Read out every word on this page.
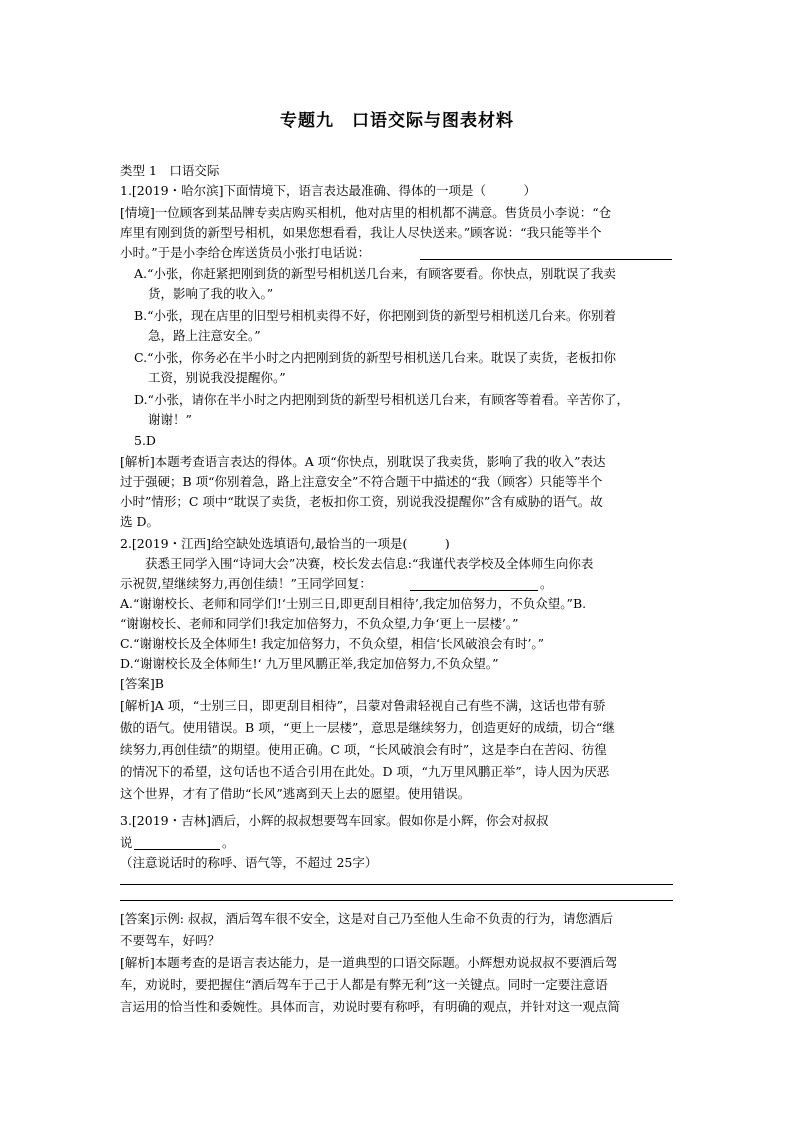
专题九　口语交际与图表材料
类型 1　口语交际
1.[2019・哈尔滨]下面情境下，语言表达最准确、得体的一项是（　　　）
[情境]一位顾客到某品牌专卖店购买相机，他对店里的相机都不满意。售货员小李说：“仓
库里有刚到货的新型号相机，如果您想看看，我让人尽快送来。”顾客说：“我只能等半个
小时。”于是小李给仓库送货员小张打电话说：
A.“小张，你赶紧把刚到货的新型号相机送几台来，有顾客要看。你快点，别耽误了我卖
货，影响了我的收入。”
B.“小张，现在店里的旧型号相机卖得不好，你把刚到货的新型号相机送几台来。你别着
急，路上注意安全。”
C.“小张，你务必在半小时之内把刚到货的新型号相机送几台来。耽误了卖货，老板扣你
工资，别说我没提醒你。”
D.“小张，请你在半小时之内把刚到货的新型号相机送几台来，有顾客等着看。辛苦你了，
谢谢！”
5.D
[解析]本题考查语言表达的得体。A 项“你快点，别耽误了我卖货，影响了我的收入”表达
过于强硬；B 项“你别着急，路上注意安全”不符合题干中描述的“我（顾客）只能等半个
小时”情形；C 项中“耽误了卖货，老板扣你工资，别说我没提醒你”含有威胁的语气。故
选 D。
2.[2019・江西]给空缺处选填语句,最恰当的一项是(　　　)
　　获悉王同学入围“诗词大会”决赛，校长发去信息:“我谨代表学校及全体师生向你表
示祝贺,望继续努力,再创佳绩！”王同学回复：	。
A.“谢谢校长、老师和同学们!‘士别三日,即更刮目相待’,我定加倍努力，不负众望。”B.
“谢谢校长、老师和同学们!我定加倍努力，不负众望,力争‘更上一层楼’。”
C.“谢谢校长及全体师生! 我定加倍努力，不负众望，相信‘长风破浪会有时’。”
D.“谢谢校长及全体师生!‘ 九万里风鹏正举,我定加倍努力,不负众望。”
[答案]B
[解析]A 项，“士别三日，即更刮目相待”，吕蒙对鲁肃轻视自己有些不满，这话也带有骄
傲的语气。使用错误。B 项，“更上一层楼”，意思是继续努力，创造更好的成绩，切合“继
续努力,再创佳绩”的期望。使用正确。C 项，“长风破浪会有时”，这是李白在苦闷、彷徨
的情况下的希望，这句话也不适合引用在此处。D 项，“九万里风鹏正举”，诗人因为厌恶
这个世界，才有了借助“长风”逃离到天上去的愿望。使用错误。
3.[2019・吉林]酒后，小辉的叔叔想要驾车回家。假如你是小辉，你会对叔叔
说	。
（注意说话时的称呼、语气等，不超过 25字）
[答案]示例: 叔叔，酒后驾车很不安全，这是对自己乃至他人生命不负责的行为，请您酒后
不要驾车，好吗？
[解析]本题考查的是语言表达能力，是一道典型的口语交际题。小辉想劝说叔叔不要酒后驾
车，劝说时，要把握住“酒后驾车于己于人都是有弊无利”这一关键点。同时一定要注意语
言运用的恰当性和委婉性。具体而言，劝说时要有称呼，有明确的观点，并针对这一观点简
